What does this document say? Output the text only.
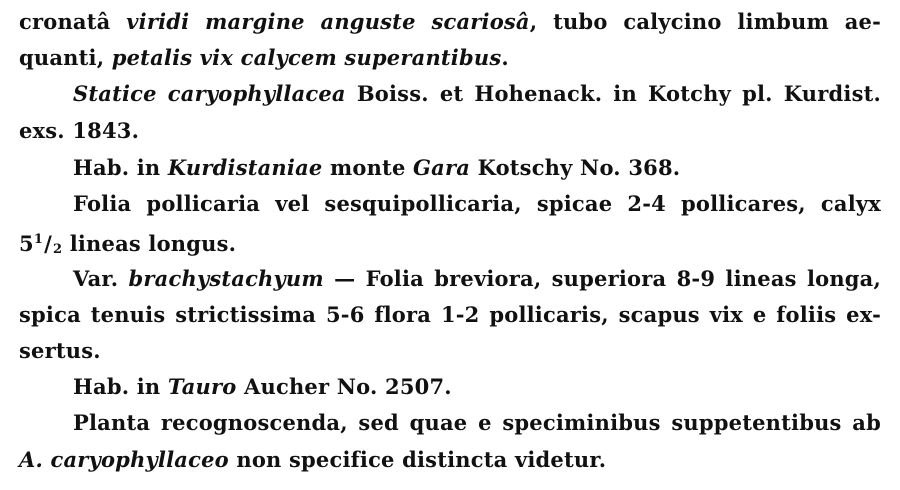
cronatâ viridi margine anguste scariosâ, tubo calycino limbum ae-
quanti, petalis vix calycem superantibus.
Statice caryophyllacea Boiss. et Hohenack. in Kotchy pl. Kurdist.
exs. 1843.
Hab. in Kurdistaniae monte Gara Kotschy No. 368.
Folia pollicaria vel sesquipollicaria, spicae 2-4 pollicares, calyx
$5^1/_2$ lineas longus.
Var. brachystachyum — Folia breviora, superiora 8-9 lineas longa,
spica tenuis strictissima 5-6 flora 1-2 pollicaris, scapus vix e foliis ex-
sertus.
Hab. in Tauro Aucher No. 2507.
Planta recognoscenda, sed quae e speciminibus suppetentibus ab
A. caryophyllaceo non specifice distincta videtur.
